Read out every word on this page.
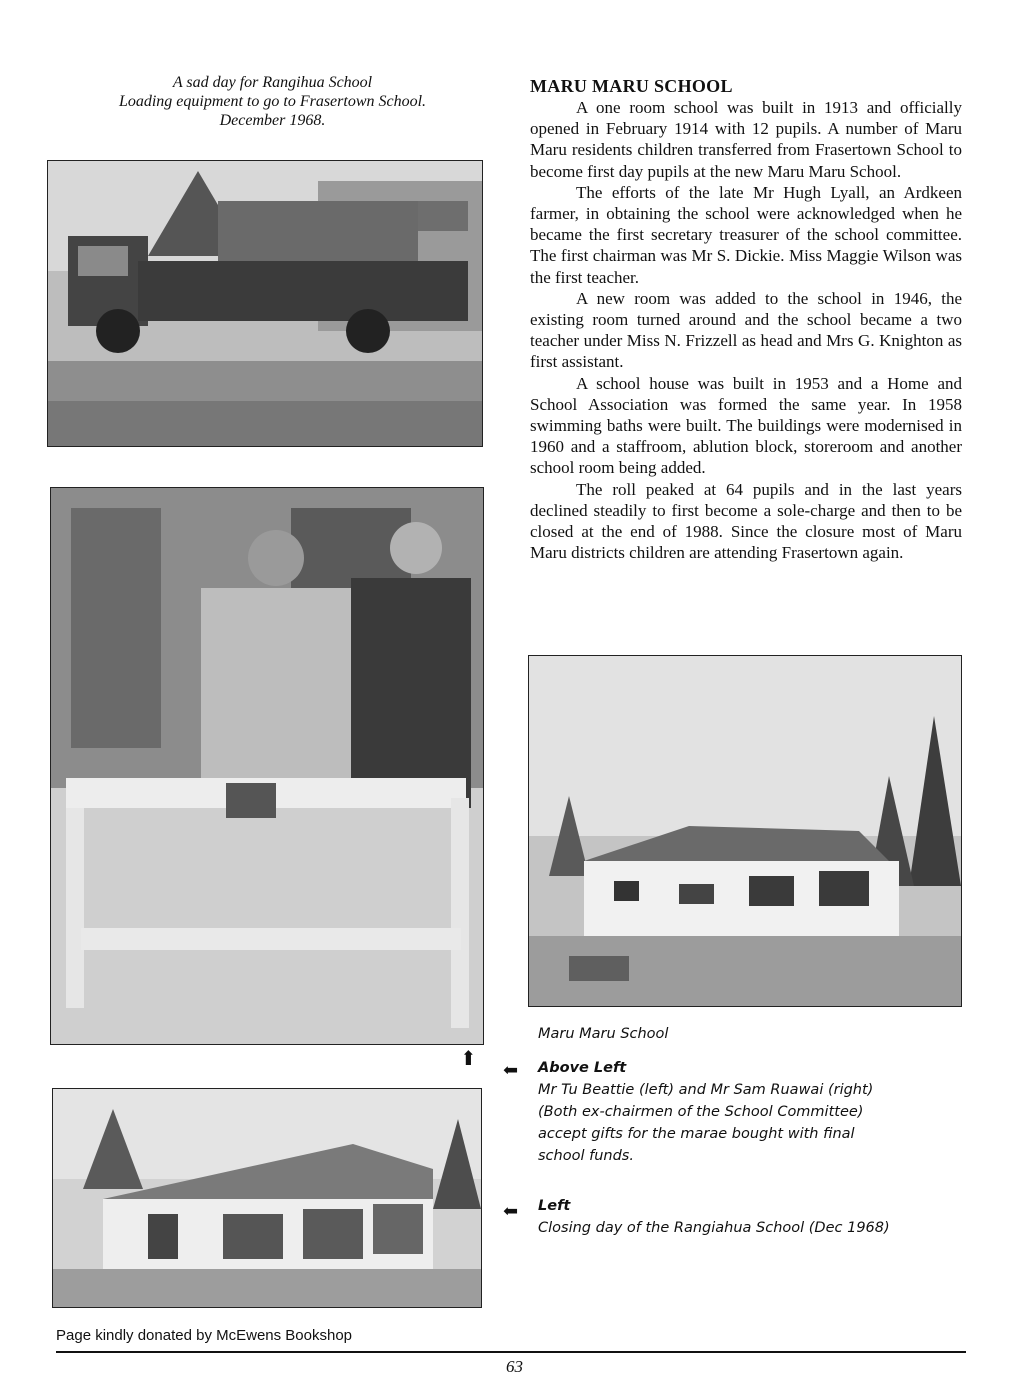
A sad day for Rangihua School
Loading equipment to go to Frasertown School.
December 1968.
⬆
MARU MARU SCHOOL

A one room school was built in 1913 and officially opened in February 1914 with 12 pupils. A number of Maru Maru residents children transferred from Frasertown School to become first day pupils at the new Maru Maru School.

The efforts of the late Mr Hugh Lyall, an Ardkeen farmer, in obtaining the school were acknowledged when he became the first secretary treasurer of the school committee. The first chairman was Mr S. Dickie. Miss Maggie Wilson was the first teacher.

A new room was added to the school in 1946, the existing room turned around and the school became a two teacher under Miss N. Frizzell as head and Mrs G. Knighton as first assistant.

A school house was built in 1953 and a Home and School Association was formed the same year. In 1958 swimming baths were built. The buildings were modernised in 1960 and a staffroom, ablution block, storeroom and another school room being added.

The roll peaked at 64 pupils and in the last years declined steadily to first become a sole-charge and then to be closed at the end of 1988. Since the closure most of Maru Maru districts children are attending Frasertown again.

Maru Maru School
⬅ Above Left
Mr Tu Beattie (left) and Mr Sam Ruawai (right)
(Both ex-chairmen of the School Committee)
accept gifts for the marae bought with final
school funds.
⬅ Left
Closing day of the Rangiahua School (Dec 1968)
Page kindly donated by McEwens Bookshop
63
